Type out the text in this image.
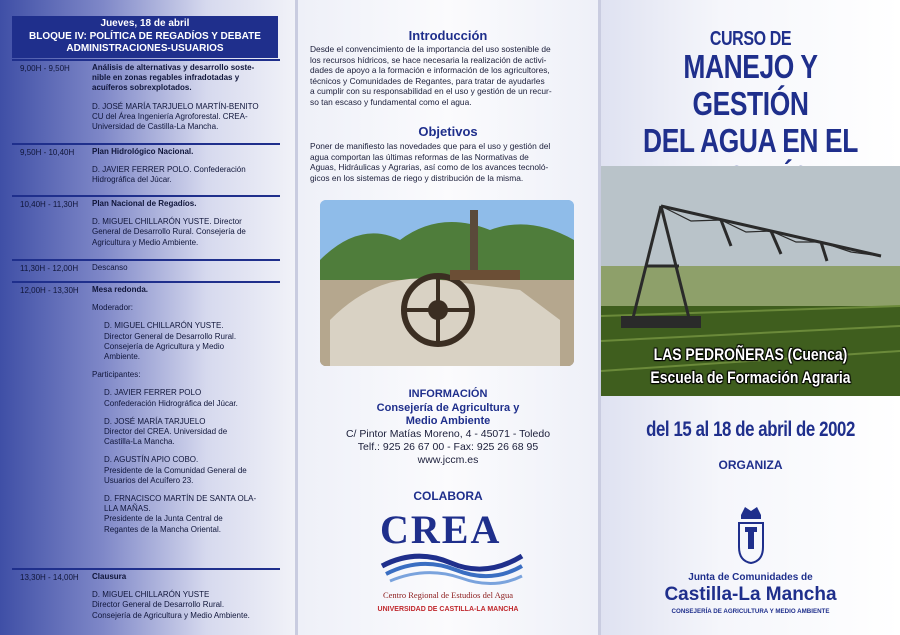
Jueves, 18 de abril
BLOQUE IV: POLÍTICA DE REGADÍOS Y DEBATE
ADMINISTRACIONES-USUARIOS
9,00H - 9,50H	Análisis de alternativas y desarrollo soste-

nible en zonas regables infradotadas y

acuíferos sobrexplotados.

D. JOSÉ MARÍA TARJUELO MARTÍN-BENITO

CU del Área Ingeniería Agroforestal. CREA-

Universidad de Castilla-La Mancha.

9,50H - 10,40H Plan Hidrológico Nacional.

D. JAVIER FERRER POLO. Confederación

Hidrográfica del Júcar.

10,40H - 11,30H Plan Nacional de Regadíos.

D. MIGUEL CHILLARÓN YUSTE. Director

General de Desarrollo Rural. Consejería de

Agricultura y Medio Ambiente.

11,30H - 12,00H Descanso

12,00H - 13,30H Mesa redonda.

Moderador:

D. MIGUEL CHILLARÓN YUSTE.

Director General de Desarrollo Rural.

Consejería de Agricultura y Medio

Ambiente.

Participantes:

D. JAVIER FERRER POLO

Confederación Hidrográfica del Júcar.

D. JOSÉ MARÍA TARJUELO

Director del CREA. Universidad de

Castilla-La Mancha.

D. AGUSTÍN APIO COBO.

Presidente de la Comunidad General de

Usuarios del Acuífero 23.

D. FRNACISCO MARTÍN DE SANTA OLA-

LLA MAÑAS.

Presidente de la Junta Central de

Regantes de la Mancha Oriental.

13,30H - 14,00H Clausura

D. MIGUEL CHILLARÓN YUSTE

Director General de Desarrollo Rural.

Consejería de Agricultura y Medio Ambiente.

Introducción
Desde el convencimiento de la importancia del uso sostenible de
los recursos hídricos, se hace necesaria la realización de activi-
dades de apoyo a la formación e información de los agricultores,
técnicos y Comunidades de Regantes, para tratar de ayudarles
a cumplir con su responsabilidad en el uso y gestión de un recur-
so tan escaso y fundamental como el agua.
Objetivos
Poner de manifiesto las novedades que para el uso y gestión del
agua comportan las últimas reformas de las Normativas de
Aguas, Hidráulicas y Agrarias, así como de los avances tecnoló-
gicos en los sistemas de riego y distribución de la misma.
INFORMACIÓN
Consejería de Agricultura y
Medio Ambiente
C/ Pintor Matías Moreno, 4 - 45071 - Toledo
Telf.: 925 26 67 00 - Fax: 925 26 68 95
www.jccm.es
COLABORA
CREA
Centro Regional de Estudios del Agua
UNIVERSIDAD DE CASTILLA-LA MANCHA
CURSO DE
MANEJO Y GESTIÓN
DEL AGUA EN EL
LAS PEDROÑERAS (Cuenca)
Escuela de Formación Agraria
del 15 al 18 de abril de 2002
ORGANIZA
Junta de Comunidades de
Castilla-La Mancha
CONSEJERÍA DE AGRICULTURA Y MEDIO AMBIENTE
